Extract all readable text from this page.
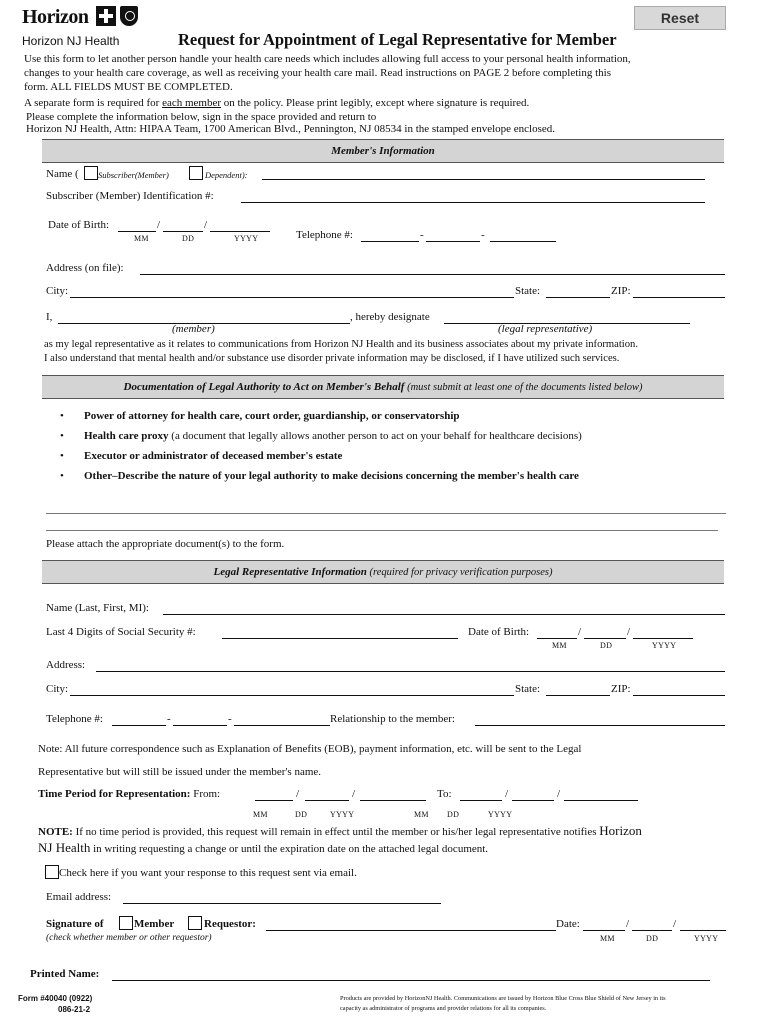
Horizon
Horizon NJ Health
Reset
Request for Appointment of Legal Representative for Member
Use this form to let another person handle your health care needs which includes allowing full access to your personal health information,
changes to your health care coverage, as well as receiving your health care mail. Read instructions on PAGE 2 before completing this
form. ALL FIELDS MUST BE COMPLETED.
A separate form is required for each member on the policy. Please print legibly, except where signature is required.
Please complete the information below, sign in the space provided and return to
Horizon NJ Health, Attn: HIPAA Team, 1700 American Blvd., Pennington, NJ 08534 in the stamped envelope enclosed.
Member's Information
Name ( Subscriber(Member)	Dependent):
Subscriber (Member) Identification #:
Date of Birth:	/	/
MM	DD	YYYY	Telephone #:	-	-
Address (on file):
City:	State:	ZIP:
I,	, hereby designate
(member)	(legal representative)
as my legal representative as it relates to communications from Horizon NJ Health and its business associates about my private information.
I also understand that mental health and/or substance use disorder private information may be disclosed, if I have utilized such services.
Documentation of Legal Authority to Act on Member's Behalf (must submit at least one of the documents listed below)
• Power of attorney for health care, court order, guardianship, or conservatorship
• Health care proxy (a document that legally allows another person to act on your behalf for healthcare decisions)
• Executor or administrator of deceased member's estate
• Other–Describe the nature of your legal authority to make decisions concerning the member's health care
Please attach the appropriate document(s) to the form.
Legal Representative Information (required for privacy verification purposes)
Name (Last, First, MI):
Last 4 Digits of Social Security #:	Date of Birth:	/	/
MM	DD	YYYY
Address:
City:	State:	ZIP:
Telephone #:	-	-	Relationship to the member:
Note: All future correspondence such as Explanation of Benefits (EOB), payment information, etc. will be sent to the Legal
Representative but will still be issued under the member's name.
Time Period for Representation: From:	/	/	To:	/	/
MM	DD	YYYY	MM DD	YYYY
NOTE: If no time period is provided, this request will remain in effect until the member or his/her legal representative notifies Horizon
NJ Health in writing requesting a change or until the expiration date on the attached legal document.
Check here if you want your response to this request sent via email.
Email address:
Signature of	Member	Requestor:
(check whether member or other requestor)
Date:	/	/
MM	DD	YYYY
Printed Name:
Form #40040 (0922)
086-21-2
Products are provided by HorizonNJ Health. Communications are issued by Horizon Blue Cross Blue Shield of New Jersey in its
capacity as administrator of programs and provider relations for all its companies.
